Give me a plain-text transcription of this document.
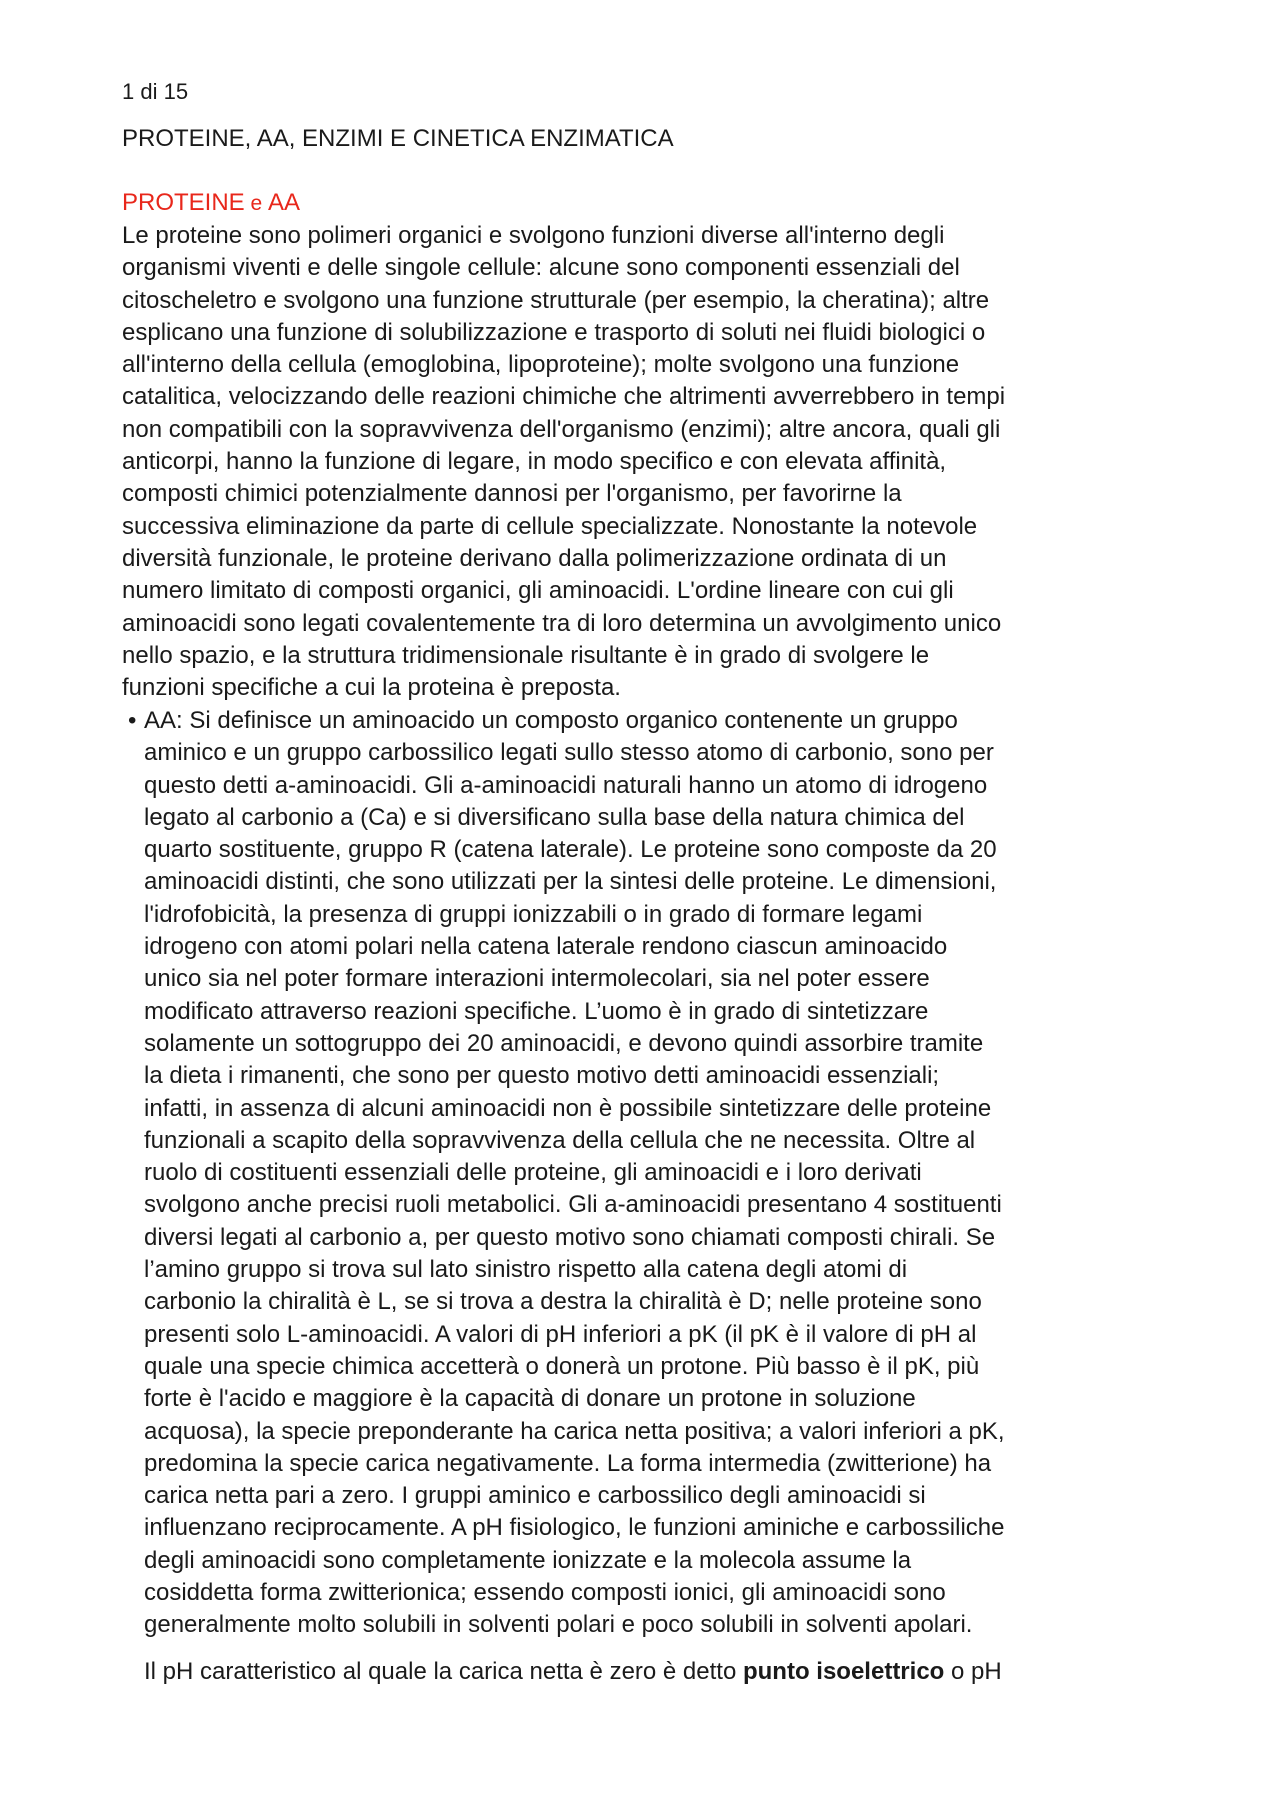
1 di 15
PROTEINE, AA, ENZIMI E CINETICA ENZIMATICA
PROTEINE e AA
Le proteine sono polimeri organici e svolgono funzioni diverse all'interno degli
organismi viventi e delle singole cellule: alcune sono componenti essenziali del
citoscheletro e svolgono una funzione strutturale (per esempio, la cheratina); altre
esplicano una funzione di solubilizzazione e trasporto di soluti nei fluidi biologici o
all'interno della cellula (emoglobina, lipoproteine); molte svolgono una funzione
catalitica, velocizzando delle reazioni chimiche che altrimenti avverrebbero in tempi
non compatibili con la sopravvivenza dell'organismo (enzimi); altre ancora, quali gli
anticorpi, hanno la funzione di legare, in modo specifico e con elevata affinità,
composti chimici potenzialmente dannosi per l'organismo, per favorirne la
successiva eliminazione da parte di cellule specializzate. Nonostante la notevole
diversità funzionale, le proteine derivano dalla polimerizzazione ordinata di un
numero limitato di composti organici, gli aminoacidi. L'ordine lineare con cui gli
aminoacidi sono legati covalentemente tra di loro determina un avvolgimento unico
nello spazio, e la struttura tridimensionale risultante è in grado di svolgere le
funzioni specifiche a cui la proteina è preposta.
• AA: Si definisce un aminoacido un composto organico contenente un gruppo
aminico e un gruppo carbossilico legati sullo stesso atomo di carbonio, sono per
questo detti a-aminoacidi. Gli a-aminoacidi naturali hanno un atomo di idrogeno
legato al carbonio a (Ca) e si diversificano sulla base della natura chimica del
quarto sostituente, gruppo R (catena laterale). Le proteine sono composte da 20
aminoacidi distinti, che sono utilizzati per la sintesi delle proteine. Le dimensioni,
l'idrofobicità, la presenza di gruppi ionizzabili o in grado di formare legami
idrogeno con atomi polari nella catena laterale rendono ciascun aminoacido
unico sia nel poter formare interazioni intermolecolari, sia nel poter essere
modificato attraverso reazioni specifiche. L’uomo è in grado di sintetizzare
solamente un sottogruppo dei 20 aminoacidi, e devono quindi assorbire tramite
la dieta i rimanenti, che sono per questo motivo detti aminoacidi essenziali;
infatti, in assenza di alcuni aminoacidi non è possibile sintetizzare delle proteine
funzionali a scapito della sopravvivenza della cellula che ne necessita. Oltre al
ruolo di costituenti essenziali delle proteine, gli aminoacidi e i loro derivati
svolgono anche precisi ruoli metabolici. Gli a-aminoacidi presentano 4 sostituenti
diversi legati al carbonio a, per questo motivo sono chiamati composti chirali. Se
l’amino gruppo si trova sul lato sinistro rispetto alla catena degli atomi di
carbonio la chiralità è L, se si trova a destra la chiralità è D; nelle proteine sono
presenti solo L-aminoacidi. A valori di pH inferiori a pK (il pK è il valore di pH al
quale una specie chimica accetterà o donerà un protone. Più basso è il pK, più
forte è l'acido e maggiore è la capacità di donare un protone in soluzione
acquosa), la specie preponderante ha carica netta positiva; a valori inferiori a pK,
predomina la specie carica negativamente. La forma intermedia (zwitterione) ha
carica netta pari a zero. I gruppi aminico e carbossilico degli aminoacidi si
influenzano reciprocamente. A pH fisiologico, le funzioni aminiche e carbossiliche
degli aminoacidi sono completamente ionizzate e la molecola assume la
cosiddetta forma zwitterionica; essendo composti ionici, gli aminoacidi sono
generalmente molto solubili in solventi polari e poco solubili in solventi apolari.
Il pH caratteristico al quale la carica netta è zero è detto punto isoelettrico o pH
